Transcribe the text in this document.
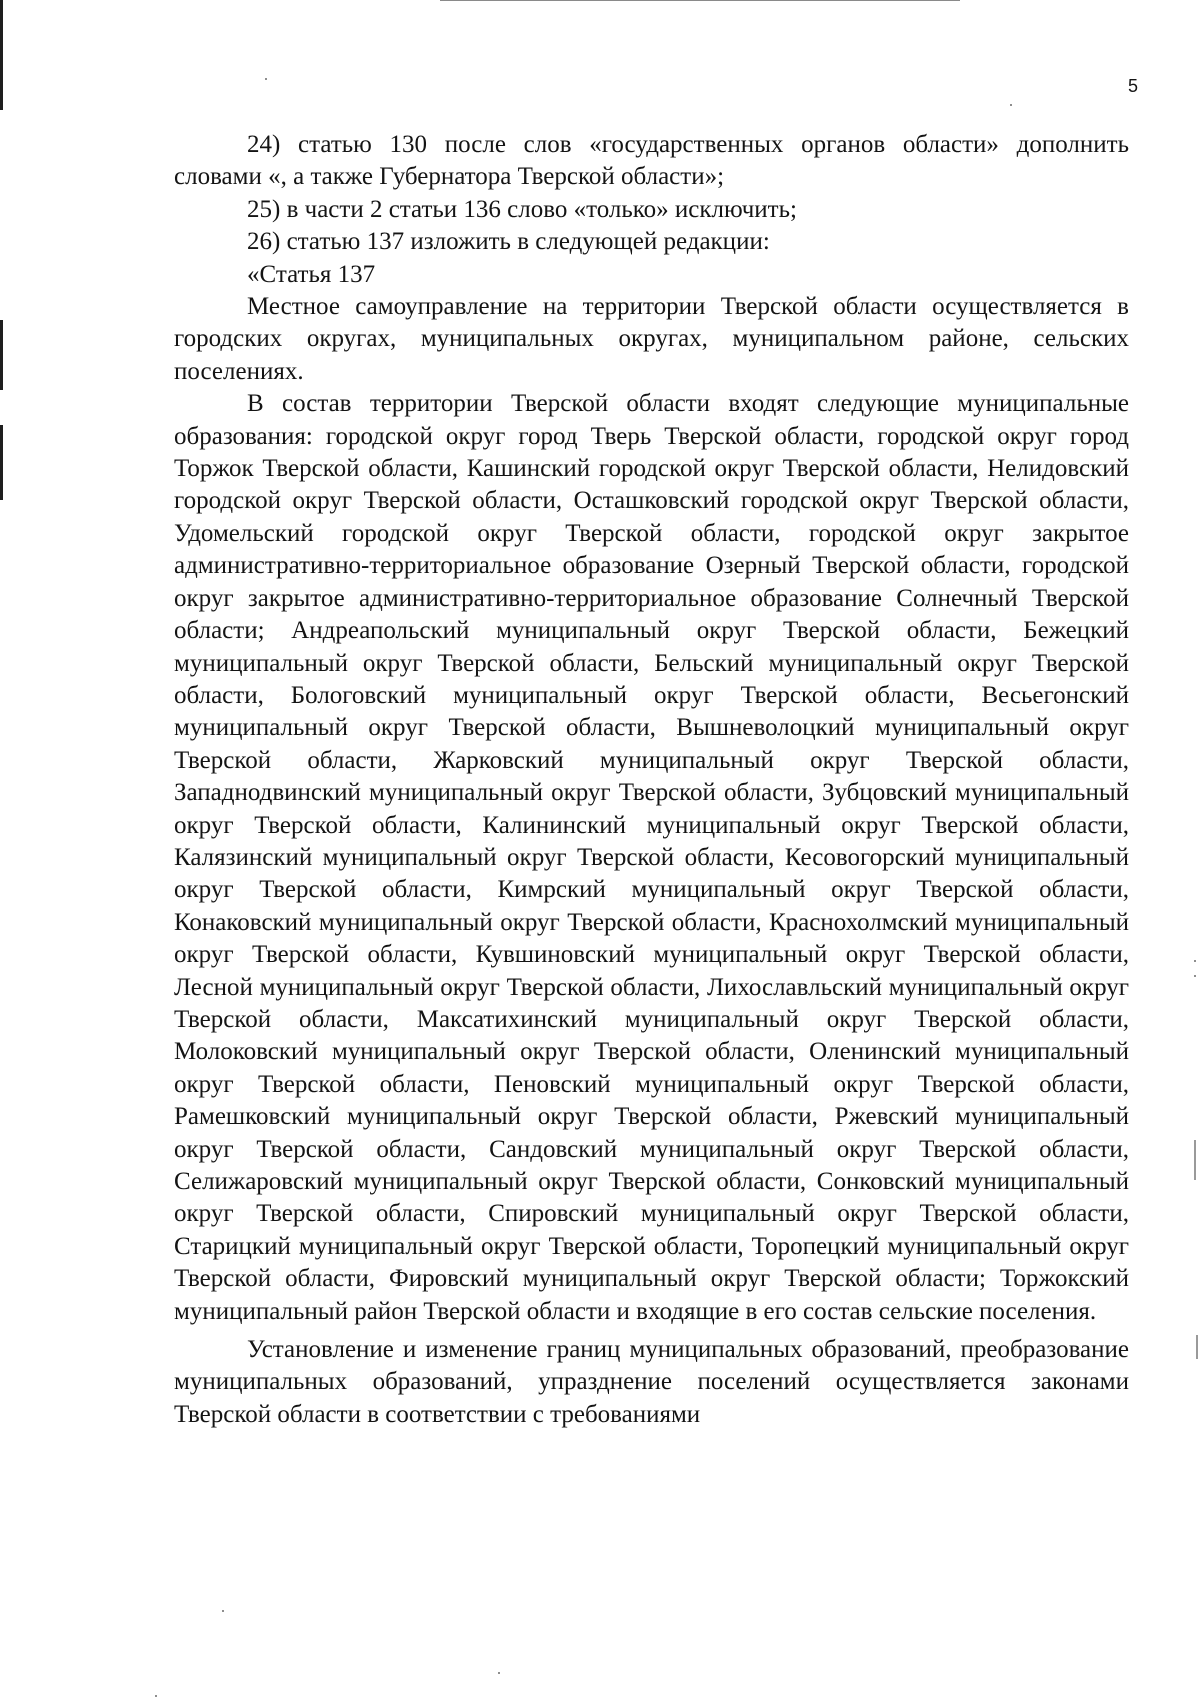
5

24) статью 130 после слов «государственных органов области» дополнить словами «, а также Губернатора Тверской области»;

25) в части 2 статьи 136 слово «только» исключить;

26) статью 137 изложить в следующей редакции:

«Статья 137

Местное самоуправление на территории Тверской области осуществляется в городских округах, муниципальных округах, муниципальном районе, сельских поселениях.

В состав территории Тверской области входят следующие муниципальные образования: городской округ город Тверь Тверской области, городской округ город Торжок Тверской области, Кашинский городской округ Тверской области, Нелидовский городской округ Тверской области, Осташковский городской округ Тверской области, Удомельский городской округ Тверской области, городской округ закрытое административно-территориальное образование Озерный Тверской области, городской округ закрытое административно-территориальное образование Солнечный Тверской области; Андреапольский муниципальный округ Тверской области, Бежецкий муниципальный округ Тверской области, Бельский муниципальный округ Тверской области, Бологовский муниципальный округ Тверской области, Весьегонский муниципальный округ Тверской области, Вышневолоцкий муниципальный округ Тверской области, Жарковский муниципальный округ Тверской области, Западнодвинский муниципальный округ Тверской области, Зубцовский муниципальный округ Тверской области, Калининский муниципальный округ Тверской области, Калязинский муниципальный округ Тверской области, Кесовогорский муниципальный округ Тверской области, Кимрский муниципальный округ Тверской области, Конаковский муниципальный округ Тверской области, Краснохолмский муниципальный округ Тверской области, Кувшиновский муниципальный округ Тверской области, Лесной муниципальный округ Тверской области, Лихославльский муниципальный округ Тверской области, Максатихинский муниципальный округ Тверской области, Молоковский муниципальный округ Тверской области, Оленинский муниципальный округ Тверской области, Пеновский муниципальный округ Тверской области, Рамешковский муниципальный округ Тверской области, Ржевский муниципальный округ Тверской области, Сандовский муниципальный округ Тверской области, Селижаровский муниципальный округ Тверской области, Сонковский муниципальный округ Тверской области, Спировский муниципальный округ Тверской области, Старицкий муниципальный округ Тверской области, Торопецкий муниципальный округ Тверской области, Фировский муниципальный округ Тверской области; Торжокский муниципальный район Тверской области и входящие в его состав сельские поселения.

Установление и изменение границ муниципальных образований, преобразование муниципальных образований, упразднение поселений осуществляется законами Тверской области в соответствии с требованиями
